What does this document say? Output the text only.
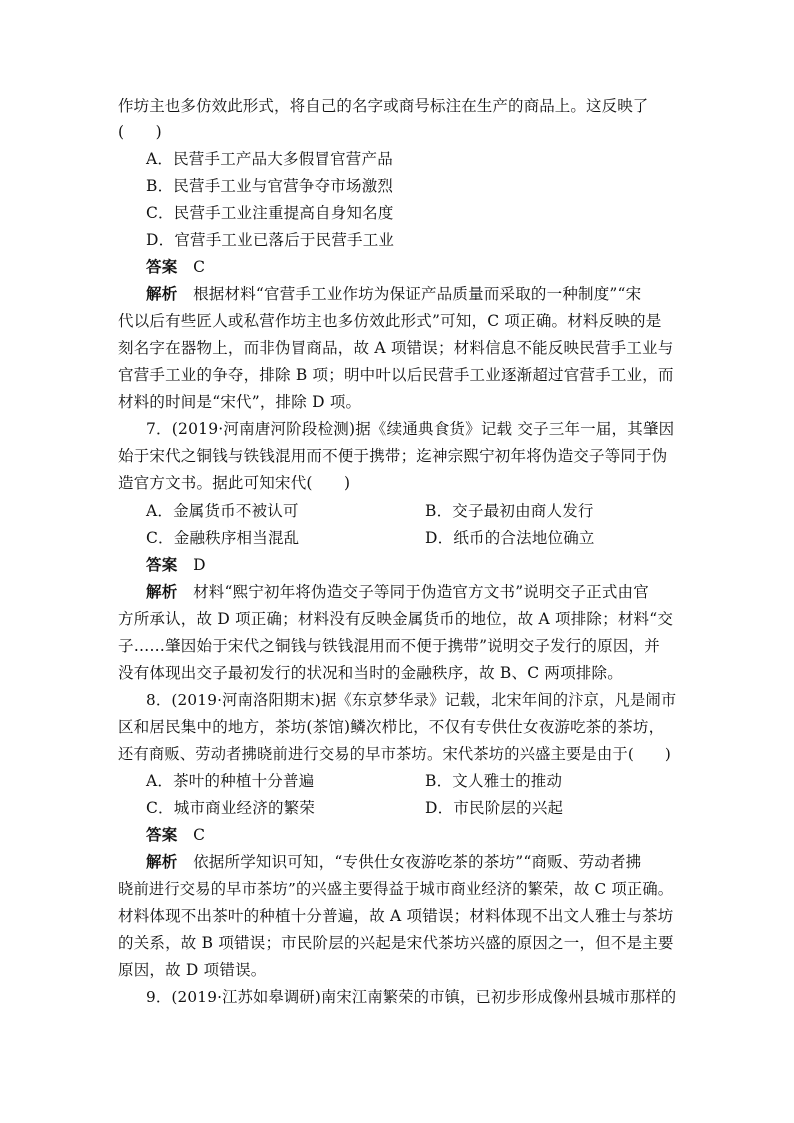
作坊主也多仿效此形式，将自己的名字或商号标注在生产的商品上。这反映了
(　　)
A．民营手工产品大多假冒官营产品
B．民营手工业与官营争夺市场激烈
C．民营手工业注重提高自身知名度
D．官营手工业已落后于民营手工业
答案　 C
解析　 根据材料“官营手工业作坊为保证产品质量而采取的一种制度”“宋
代以后有些匠人或私营作坊主也多仿效此形式”可知，C 项正确。材料反映的是
刻名字在器物上，而非伪冒商品，故 A 项错误；材料信息不能反映民营手工业与
官营手工业的争夺，排除 B 项；明中叶以后民营手工业逐渐超过官营手工业，而
材料的时间是“宋代”，排除 D 项。
7．(2019·河南唐河阶段检测)据《续通典食货》记载 交子三年一届，其肇因
始于宋代之铜钱与铁钱混用而不便于携带；迄神宗熙宁初年将伪造交子等同于伪
造官方文书。据此可知宋代(　　)
A．金属货币不被认可	B．交子最初由商人发行
C．金融秩序相当混乱	D．纸币的合法地位确立
答案　 D
解析　 材料“熙宁初年将伪造交子等同于伪造官方文书”说明交子正式由官
方所承认，故 D 项正确；材料没有反映金属货币的地位，故 A 项排除；材料“交
子……肇因始于宋代之铜钱与铁钱混用而不便于携带”说明交子发行的原因，并
没有体现出交子最初发行的状况和当时的金融秩序，故 B、C 两项排除。
8．(2019·河南洛阳期末)据《东京梦华录》记载，北宋年间的汴京，凡是闹市
区和居民集中的地方，茶坊(茶馆)鳞次栉比，不仅有专供仕女夜游吃茶的茶坊，
还有商贩、劳动者拂晓前进行交易的早市茶坊。宋代茶坊的兴盛主要是由于(　　)
A．茶叶的种植十分普遍	B．文人雅士的推动
C．城市商业经济的繁荣	D．市民阶层的兴起
答案　 C
解析　 依据所学知识可知，“专供仕女夜游吃茶的茶坊”“商贩、劳动者拂
晓前进行交易的早市茶坊”的兴盛主要得益于城市商业经济的繁荣，故 C 项正确。
材料体现不出茶叶的种植十分普遍，故 A 项错误；材料体现不出文人雅士与茶坊
的关系，故 B 项错误；市民阶层的兴起是宋代茶坊兴盛的原因之一，但不是主要
原因，故 D 项错误。
9．(2019·江苏如皋调研)南宋江南繁荣的市镇，已初步形成像州县城市那样的
